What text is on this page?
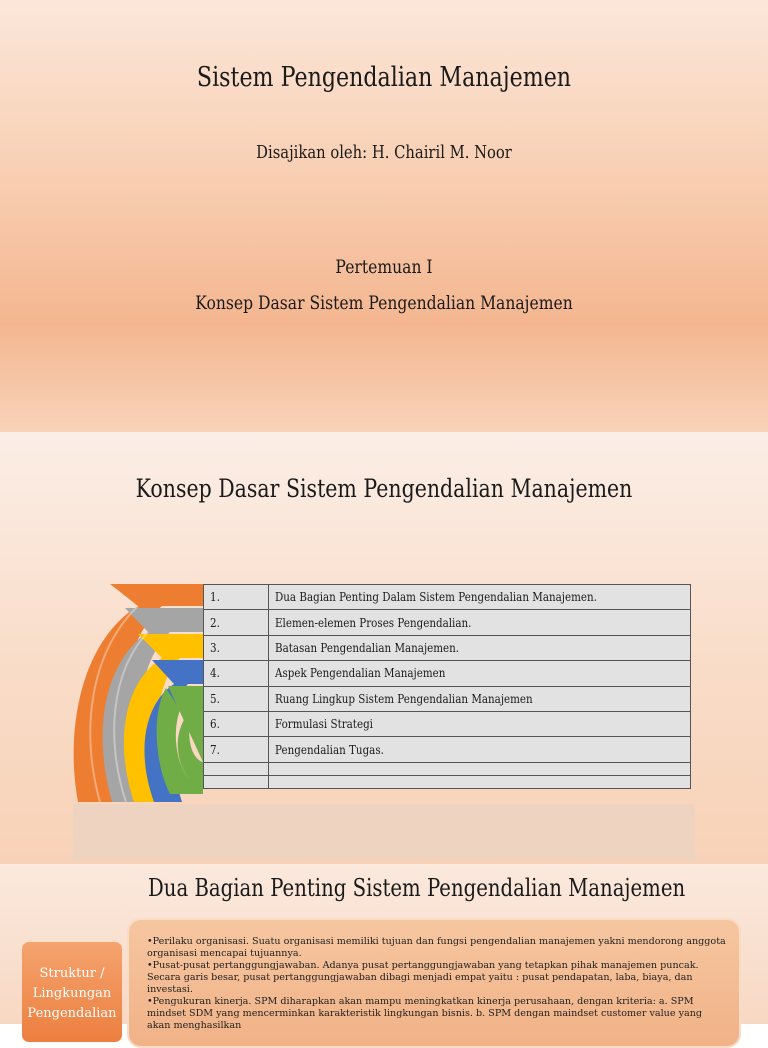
Sistem Pengendalian Manajemen
Disajikan oleh: H. Chairil M. Noor
Pertemuan I
Konsep Dasar Sistem Pengendalian Manajemen
Konsep Dasar Sistem Pengendalian Manajemen
1.	Dua Bagian Penting Dalam Sistem Pengendalian Manajemen.
2.	Elemen-elemen Proses Pengendalian.
3.	Batasan Pengendalian Manajemen.
4.	Aspek Pengendalian Manajemen
5.	Ruang Lingkup Sistem Pengendalian Manajemen
6.	Formulasi Strategi
7.	Pengendalian Tugas.

Dua Bagian Penting Sistem Pengendalian Manajemen

•Perilaku organisasi. Suatu organisasi memiliki tujuan dan fungsi pengendalian manajemen yakni mendorong anggota organisasi mencapai tujuannya.

•Pusat-pusat pertanggungjawaban. Adanya pusat pertanggungjawaban yang tetapkan pihak manajemen puncak. Secara garis besar, pusat pertanggungjawaban dibagi menjadi empat yaitu : pusat pendapatan, laba, biaya, dan investasi.

•Pengukuran kinerja. SPM diharapkan akan mampu meningkatkan kinerja perusahaan, dengan kriteria: a. SPM mindset SDM yang mencerminkan karakteristik lingkungan bisnis. b. SPM dengan maindset customer value yang akan menghasilkan

Struktur / Lingkungan Pengendalian
